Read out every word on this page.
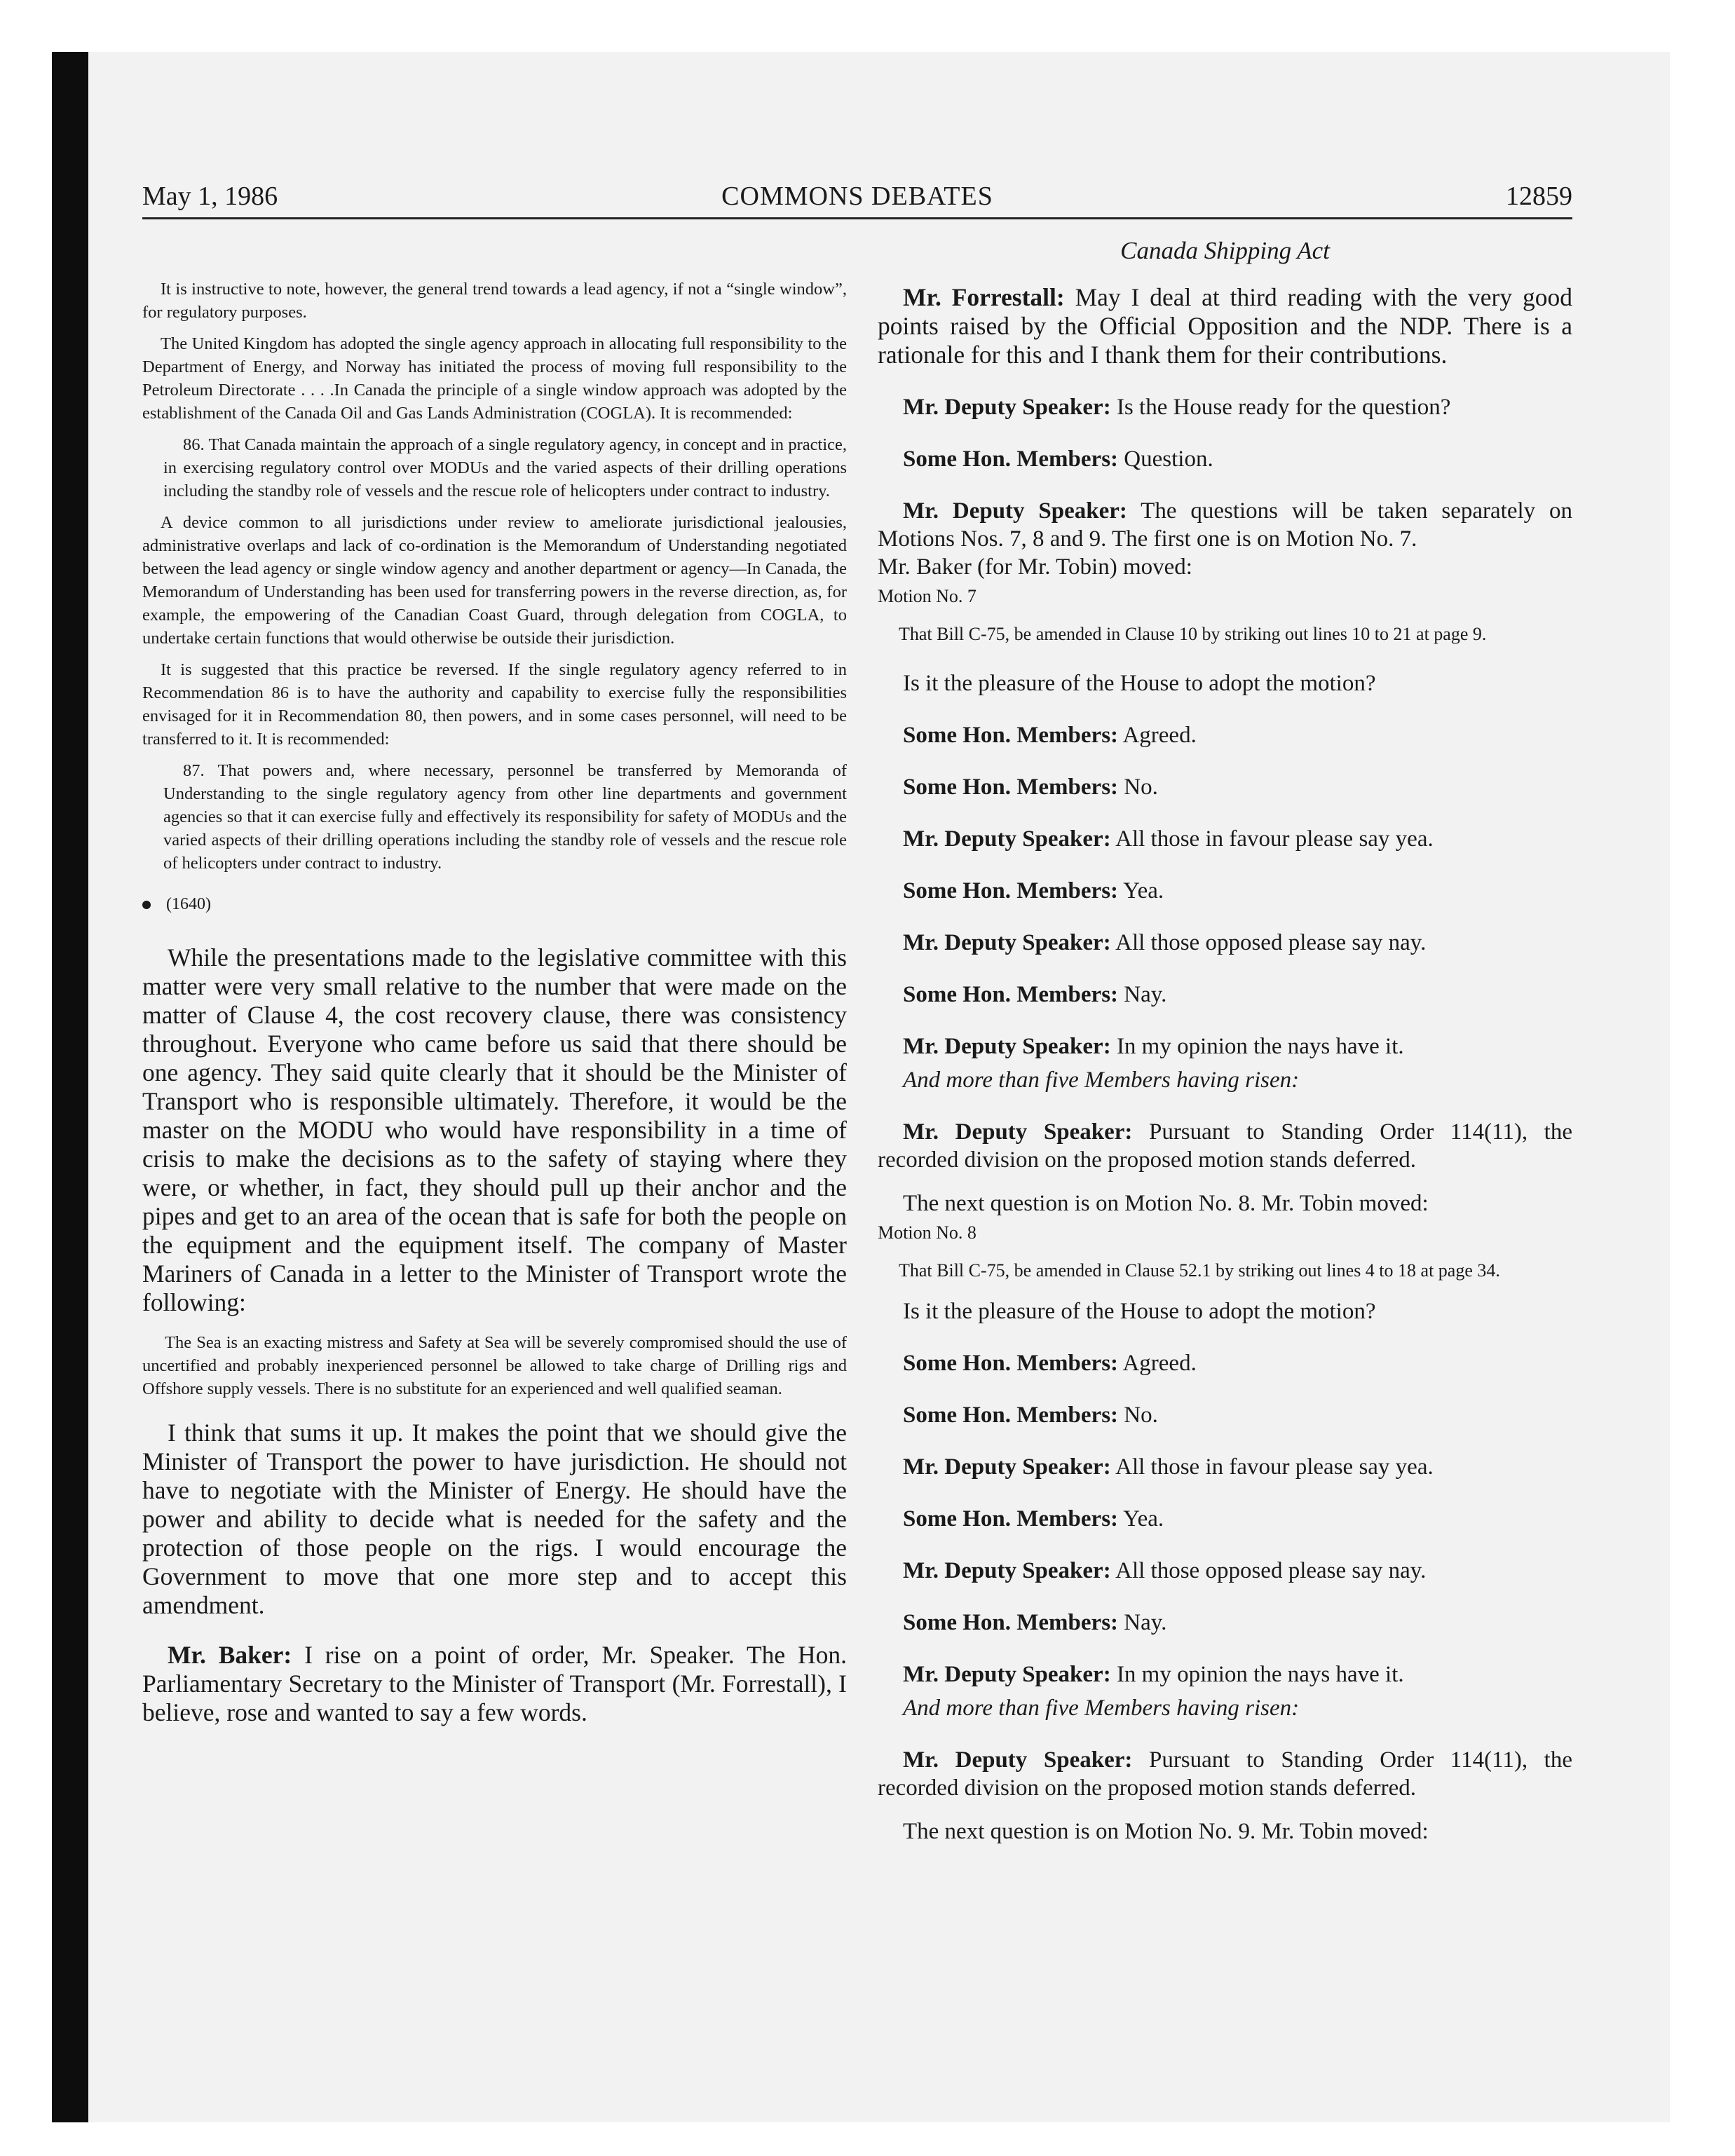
May 1, 1986	COMMONS DEBATES	12859

It is instructive to note, however, the general trend towards a lead agency, if not a “single window”, for regulatory purposes.

The United Kingdom has adopted the single agency approach in allocating full responsibility to the Department of Energy, and Norway has initiated the process of moving full responsibility to the Petroleum Directorate . . . .In Canada the principle of a single window approach was adopted by the establishment of the Canada Oil and Gas Lands Administration (COGLA). It is recommended:

86. That Canada maintain the approach of a single regulatory agency, in concept and in practice, in exercising regulatory control over MODUs and the varied aspects of their drilling operations including the standby role of vessels and the rescue role of helicopters under contract to industry.

A device common to all jurisdictions under review to ameliorate jurisdictional jealousies, administrative overlaps and lack of co-ordination is the Memorandum of Understanding negotiated between the lead agency or single window agency and another department or agency—In Canada, the Memorandum of Understanding has been used for transferring powers in the reverse direction, as, for example, the empowering of the Canadian Coast Guard, through delegation from COGLA, to undertake certain functions that would otherwise be outside their jurisdiction.

It is suggested that this practice be reversed. If the single regulatory agency referred to in Recommendation 86 is to have the authority and capability to exercise fully the responsibilities envisaged for it in Recommendation 80, then powers, and in some cases personnel, will need to be transferred to it. It is recommended:

87. That powers and, where necessary, personnel be transferred by Memoranda of Understanding to the single regulatory agency from other line departments and government agencies so that it can exercise fully and effectively its responsibility for safety of MODUs and the varied aspects of their drilling operations including the standby role of vessels and the rescue role of helicopters under contract to industry.

(1640)

While the presentations made to the legislative committee with this matter were very small relative to the number that were made on the matter of Clause 4, the cost recovery clause, there was consistency throughout. Everyone who came before us said that there should be one agency. They said quite clearly that it should be the Minister of Transport who is responsible ultimately. Therefore, it would be the master on the MODU who would have responsibility in a time of crisis to make the decisions as to the safety of staying where they were, or whether, in fact, they should pull up their anchor and the pipes and get to an area of the ocean that is safe for both the people on the equipment and the equipment itself. The company of Master Mariners of Canada in a letter to the Minister of Transport wrote the following:

The Sea is an exacting mistress and Safety at Sea will be severely compromised should the use of uncertified and probably inexperienced personnel be allowed to take charge of Drilling rigs and Offshore supply vessels. There is no substitute for an experienced and well qualified seaman.

I think that sums it up. It makes the point that we should give the Minister of Transport the power to have jurisdiction. He should not have to negotiate with the Minister of Energy. He should have the power and ability to decide what is needed for the safety and the protection of those people on the rigs. I would encourage the Government to move that one more step and to accept this amendment.

Mr. Baker: I rise on a point of order, Mr. Speaker. The Hon. Parliamentary Secretary to the Minister of Transport (Mr. Forrestall), I believe, rose and wanted to say a few words.

Canada Shipping Act

Mr. Forrestall: May I deal at third reading with the very good points raised by the Official Opposition and the NDP. There is a rationale for this and I thank them for their contributions.

Mr. Deputy Speaker: Is the House ready for the question?

Some Hon. Members: Question.

Mr. Deputy Speaker: The questions will be taken separately on Motions Nos. 7, 8 and 9. The first one is on Motion No. 7.

Mr. Baker (for Mr. Tobin) moved:

Motion No. 7

That Bill C-75, be amended in Clause 10 by striking out lines 10 to 21 at page 9.

Is it the pleasure of the House to adopt the motion?

Some Hon. Members: Agreed.

Some Hon. Members: No.

Mr. Deputy Speaker: All those in favour please say yea.

Some Hon. Members: Yea.

Mr. Deputy Speaker: All those opposed please say nay.

Some Hon. Members: Nay.

Mr. Deputy Speaker: In my opinion the nays have it.

And more than five Members having risen:

Mr. Deputy Speaker: Pursuant to Standing Order 114(11), the recorded division on the proposed motion stands deferred.

The next question is on Motion No. 8. Mr. Tobin moved:

Motion No. 8

That Bill C-75, be amended in Clause 52.1 by striking out lines 4 to 18 at page 34.

Is it the pleasure of the House to adopt the motion?

Some Hon. Members: Agreed.

Some Hon. Members: No.

Mr. Deputy Speaker: All those in favour please say yea.

Some Hon. Members: Yea.

Mr. Deputy Speaker: All those opposed please say nay.

Some Hon. Members: Nay.

Mr. Deputy Speaker: In my opinion the nays have it.

And more than five Members having risen:

Mr. Deputy Speaker: Pursuant to Standing Order 114(11), the recorded division on the proposed motion stands deferred.

The next question is on Motion No. 9. Mr. Tobin moved:
